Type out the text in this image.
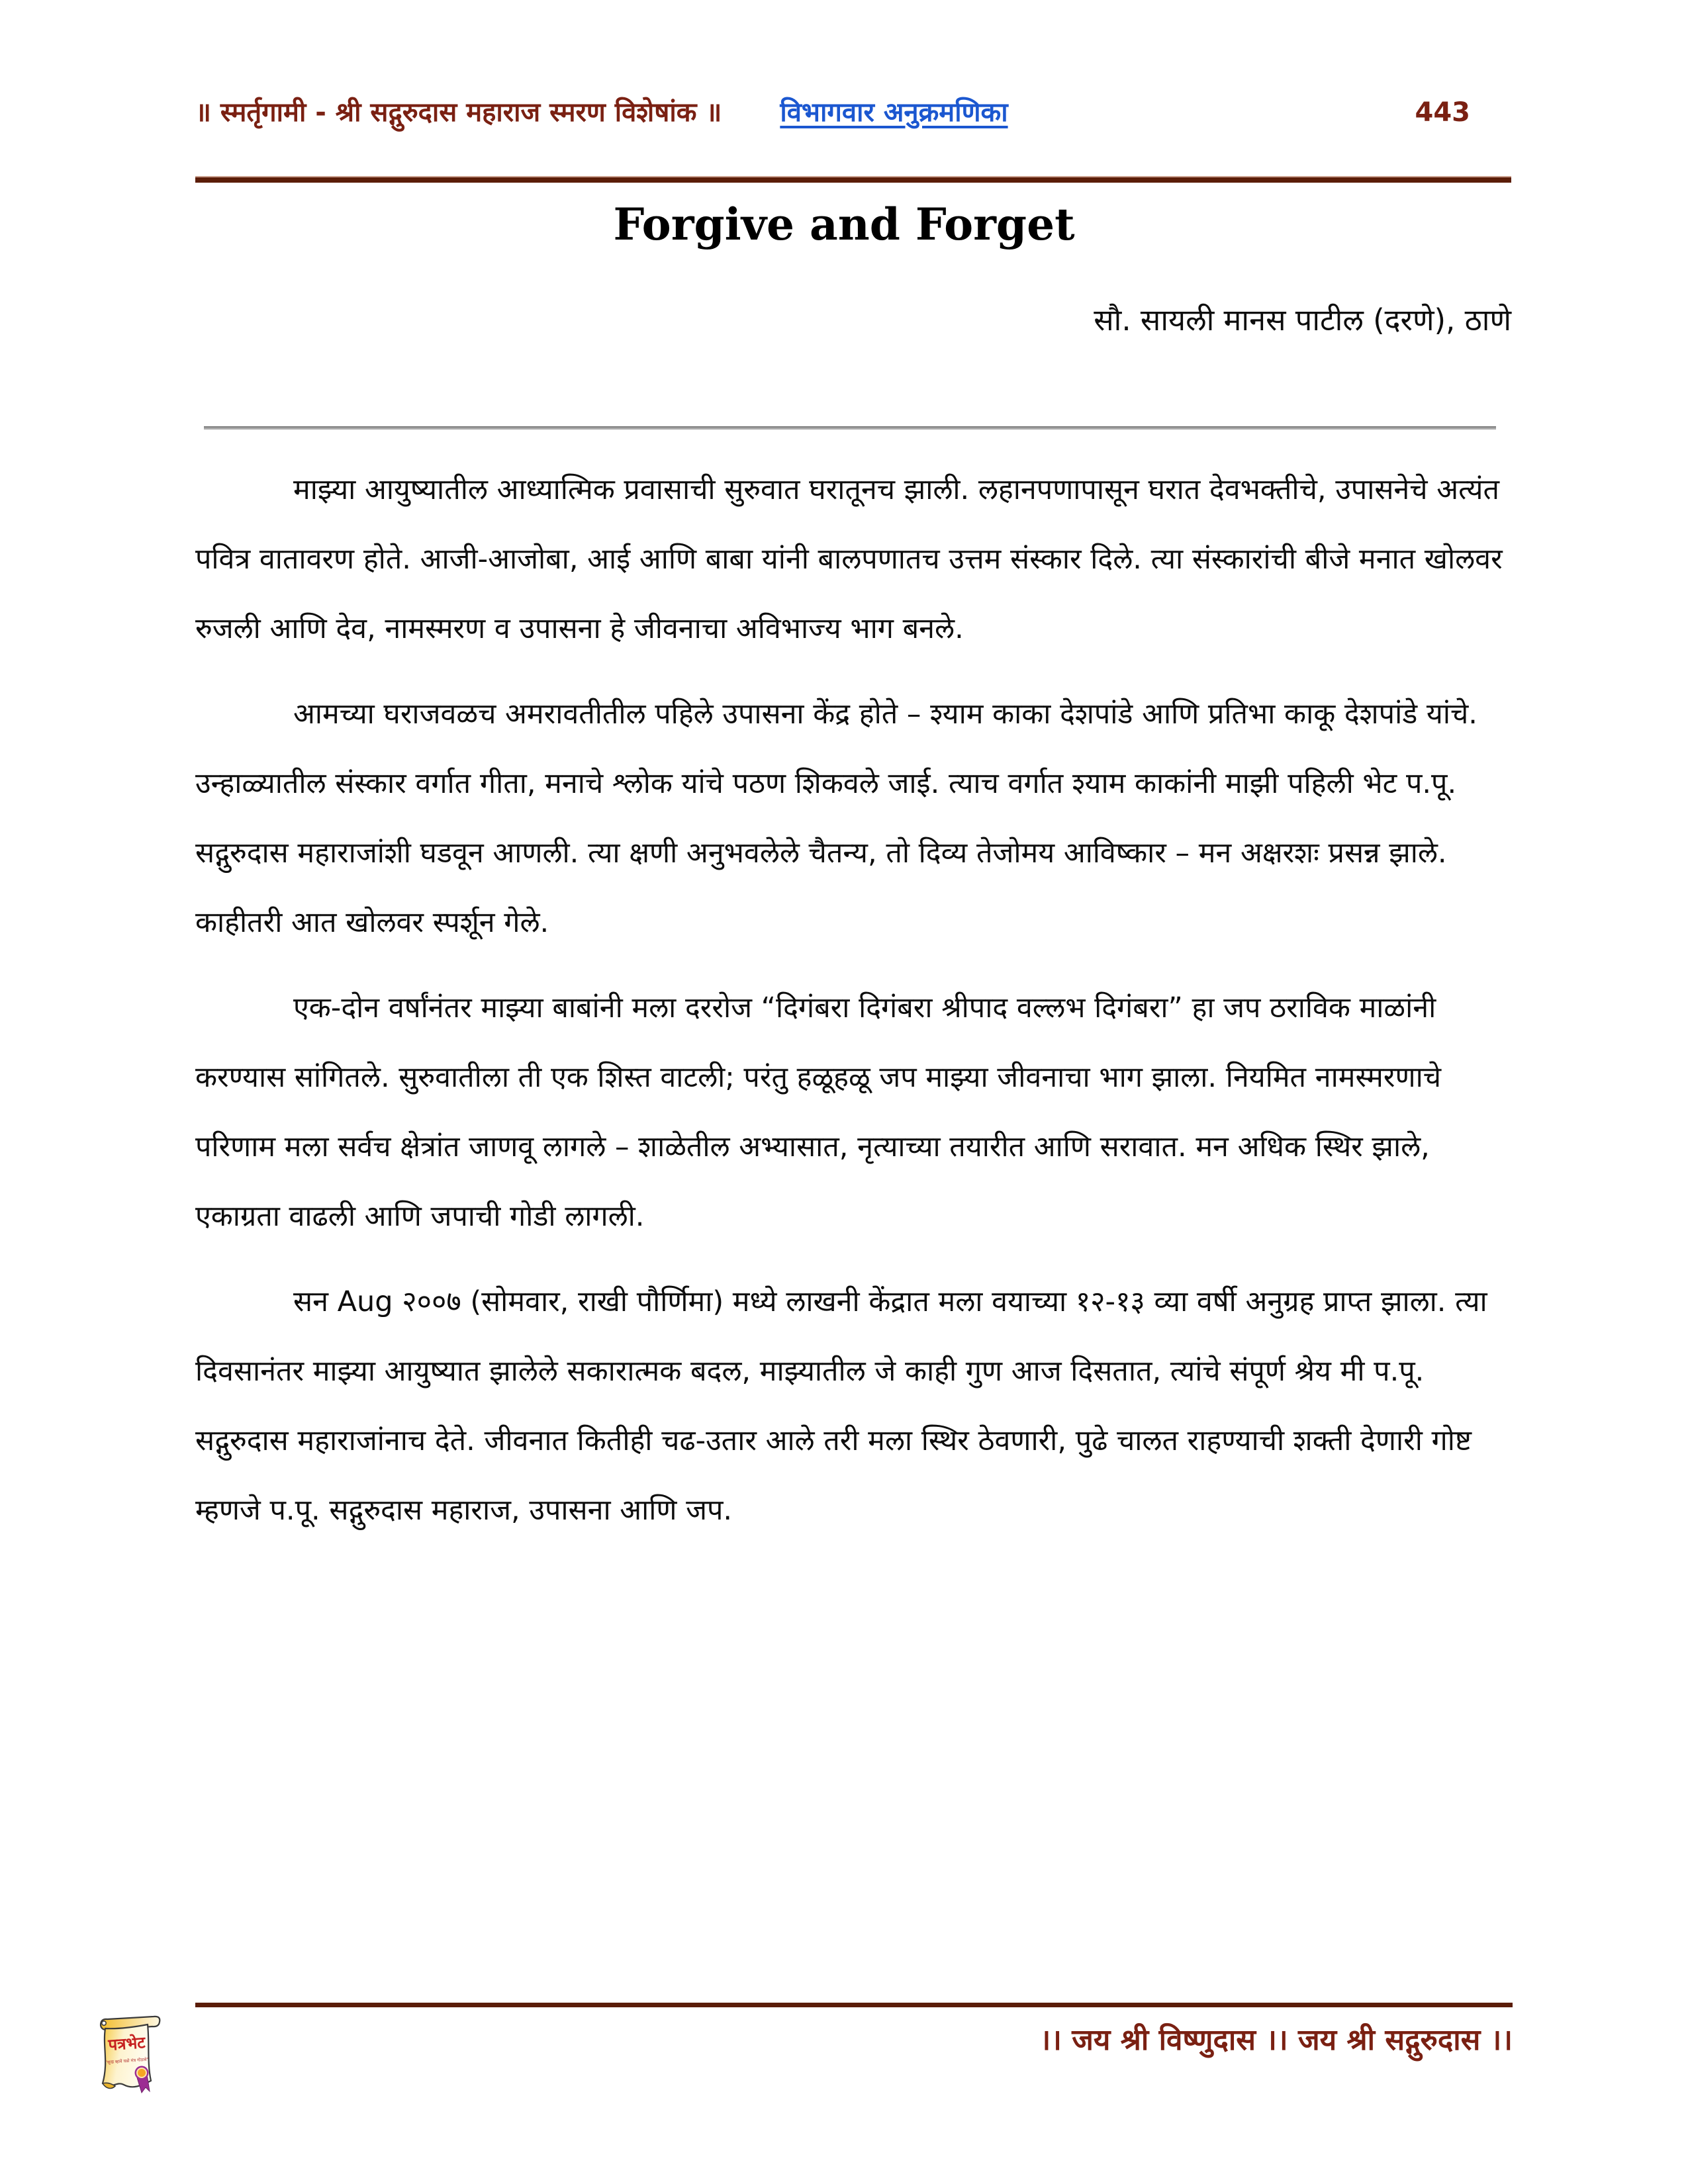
॥ स्मर्तृगामी - श्री सद्गुरुदास महाराज स्मरण विशेषांक ॥ विभागवार अनुक्रमणिका	443
Forgive and Forget
सौ. सायली मानस पाटील (दरणे), ठाणे

माझ्या आयुष्यातील आध्यात्मिक प्रवासाची सुरुवात घरातूनच झाली. लहानपणापासून घरात देवभक्तीचे, उपासनेचे अत्यंत पवित्र वातावरण होते. आजी-आजोबा, आई आणि बाबा यांनी बालपणातच उत्तम संस्कार दिले. त्या संस्कारांची बीजे मनात खोलवर रुजली आणि देव, नामस्मरण व उपासना हे जीवनाचा अविभाज्य भाग बनले.

आमच्या घराजवळच अमरावतीतील पहिले उपासना केंद्र होते – श्याम काका देशपांडे आणि प्रतिभा काकू देशपांडे यांचे. उन्हाळ्यातील संस्कार वर्गात गीता, मनाचे श्लोक यांचे पठण शिकवले जाई. त्याच वर्गात श्याम काकांनी माझी पहिली भेट प.पू. सद्गुरुदास महाराजांशी घडवून आणली. त्या क्षणी अनुभवलेले चैतन्य, तो दिव्य तेजोमय आविष्कार – मन अक्षरशः प्रसन्न झाले. काहीतरी आत खोलवर स्पर्शून गेले.

एक-दोन वर्षांनंतर माझ्या बाबांनी मला दररोज “दिगंबरा दिगंबरा श्रीपाद वल्लभ दिगंबरा” हा जप ठराविक माळांनी करण्यास सांगितले. सुरुवातीला ती एक शिस्त वाटली; परंतु हळूहळू जप माझ्या जीवनाचा भाग झाला. नियमित नामस्मरणाचे परिणाम मला सर्वच क्षेत्रांत जाणवू लागले – शाळेतील अभ्यासात, नृत्याच्या तयारीत आणि सरावात. मन अधिक स्थिर झाले, एकाग्रता वाढली आणि जपाची गोडी लागली.

सन Aug २००७ (सोमवार, राखी पौर्णिमा) मध्ये लाखनी केंद्रात मला वयाच्या १२-१३ व्या वर्षी अनुग्रह प्राप्त झाला. त्या दिवसानंतर माझ्या आयुष्यात झालेले सकारात्मक बदल, माझ्यातील जे काही गुण आज दिसतात, त्यांचे संपूर्ण श्रेय मी प.पू. सद्गुरुदास महाराजांनाच देते. जीवनात कितीही चढ-उतार आले तरी मला स्थिर ठेवणारी, पुढे चालत राहण्याची शक्ती देणारी गोष्ट म्हणजे प.पू. सद्गुरुदास महाराज, उपासना आणि जप.

।। जय श्री विष्णुदास ।। जय श्री सद्गुरुदास ।।
पत्रभेट
"सुख व्हावे घडो मंत्र गोठावे"
